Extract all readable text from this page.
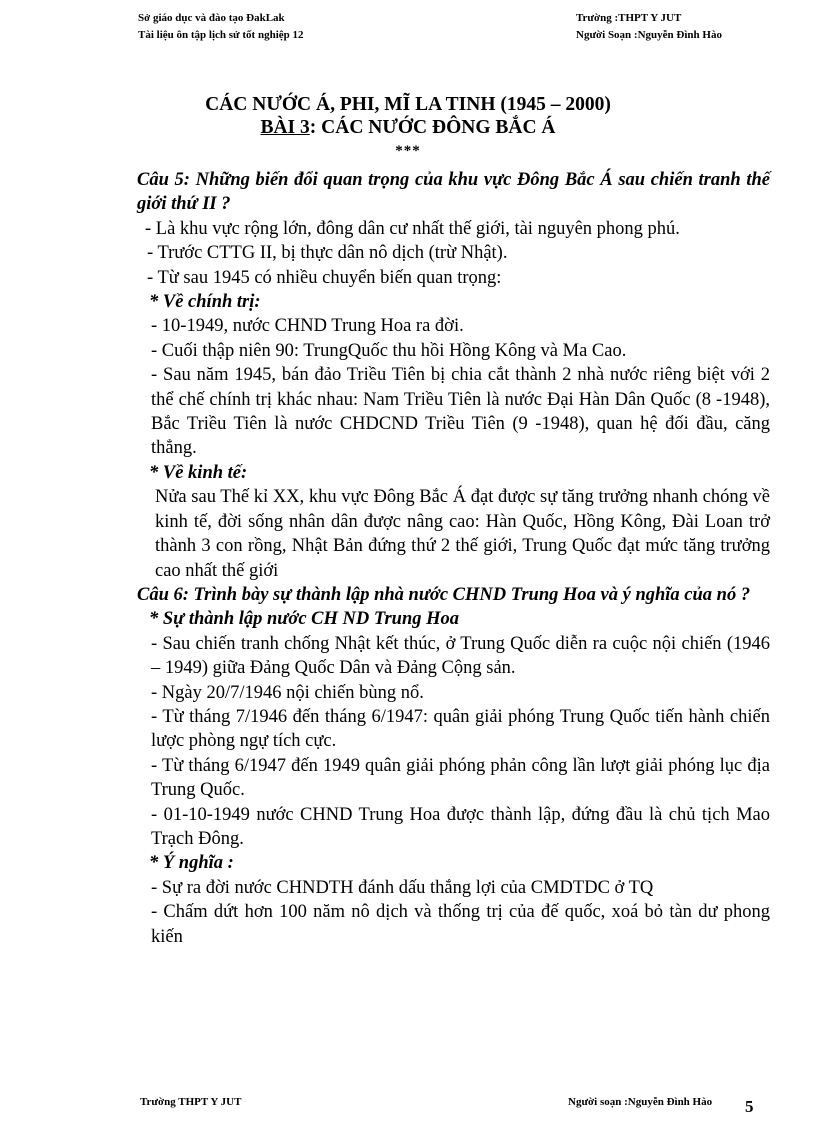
Sở giáo dục và đào tạo ĐakLak
Tài liệu ôn tập lịch sử tốt nghiệp 12
Trường :THPT Y JUT
Người Soạn :Nguyễn Đình Hào
CÁC NƯỚC Á, PHI, MĨ LA TINH (1945 – 2000)
BÀI 3: CÁC NƯỚC ĐÔNG BẮC Á
***

Câu 5: Những biến đổi quan trọng của khu vực Đông Bắc Á sau chiến tranh thế giới thứ II ?

- Là khu vực rộng lớn, đông dân cư nhất thế giới, tài nguyên phong phú.

- Trước CTTG II, bị thực dân nô dịch (trừ Nhật).

- Từ sau 1945 có nhiều chuyển biến quan trọng:

* Về chính trị:

- 10-1949, nước CHND Trung Hoa ra đời.

- Cuối thập niên 90: TrungQuốc thu hồi Hồng Kông và Ma Cao.

- Sau năm 1945, bán đảo Triều Tiên bị chia cắt thành 2 nhà nước riêng biệt với 2 thể chế chính trị khác nhau: Nam Triều Tiên là nước Đại Hàn Dân Quốc (8 -1948), Bắc Triều Tiên là nước CHDCND Triều Tiên (9 -1948), quan hệ đối đầu, căng thẳng.

* Về kinh tế:

Nửa sau Thế kỉ XX, khu vực Đông Bắc Á đạt được sự tăng trưởng nhanh chóng về kinh tế, đời sống nhân dân được nâng cao: Hàn Quốc, Hồng Kông, Đài Loan trở thành 3 con rồng, Nhật Bản đứng thứ 2 thế giới, Trung Quốc đạt mức tăng trưởng cao nhất thế giới

Câu 6: Trình bày sự thành lập nhà nước CHND Trung Hoa và ý nghĩa của nó ?

* Sự thành lập nước CH ND Trung Hoa

- Sau chiến tranh chống Nhật kết thúc, ở Trung Quốc diễn ra cuộc nội chiến (1946 – 1949) giữa Đảng Quốc Dân và Đảng Cộng sản.

- Ngày 20/7/1946 nội chiến bùng nổ.

- Từ tháng 7/1946 đến tháng 6/1947: quân giải phóng Trung Quốc tiến hành chiến lược phòng ngự tích cực.

- Từ tháng 6/1947 đến 1949 quân giải phóng phản công lần lượt giải phóng lục địa Trung Quốc.

- 01-10-1949 nước CHND Trung Hoa được thành lập, đứng đầu là chủ tịch Mao Trạch Đông.

* Ý nghĩa :

- Sự ra đời nước CHNDTH đánh dấu thắng lợi của CMDTDC ở TQ

- Chấm dứt hơn 100 năm nô dịch và thống trị của đế quốc, xoá bỏ tàn dư phong kiến

Trường THPT Y JUT	Người soạn :Nguyễn Đình Hào 5
